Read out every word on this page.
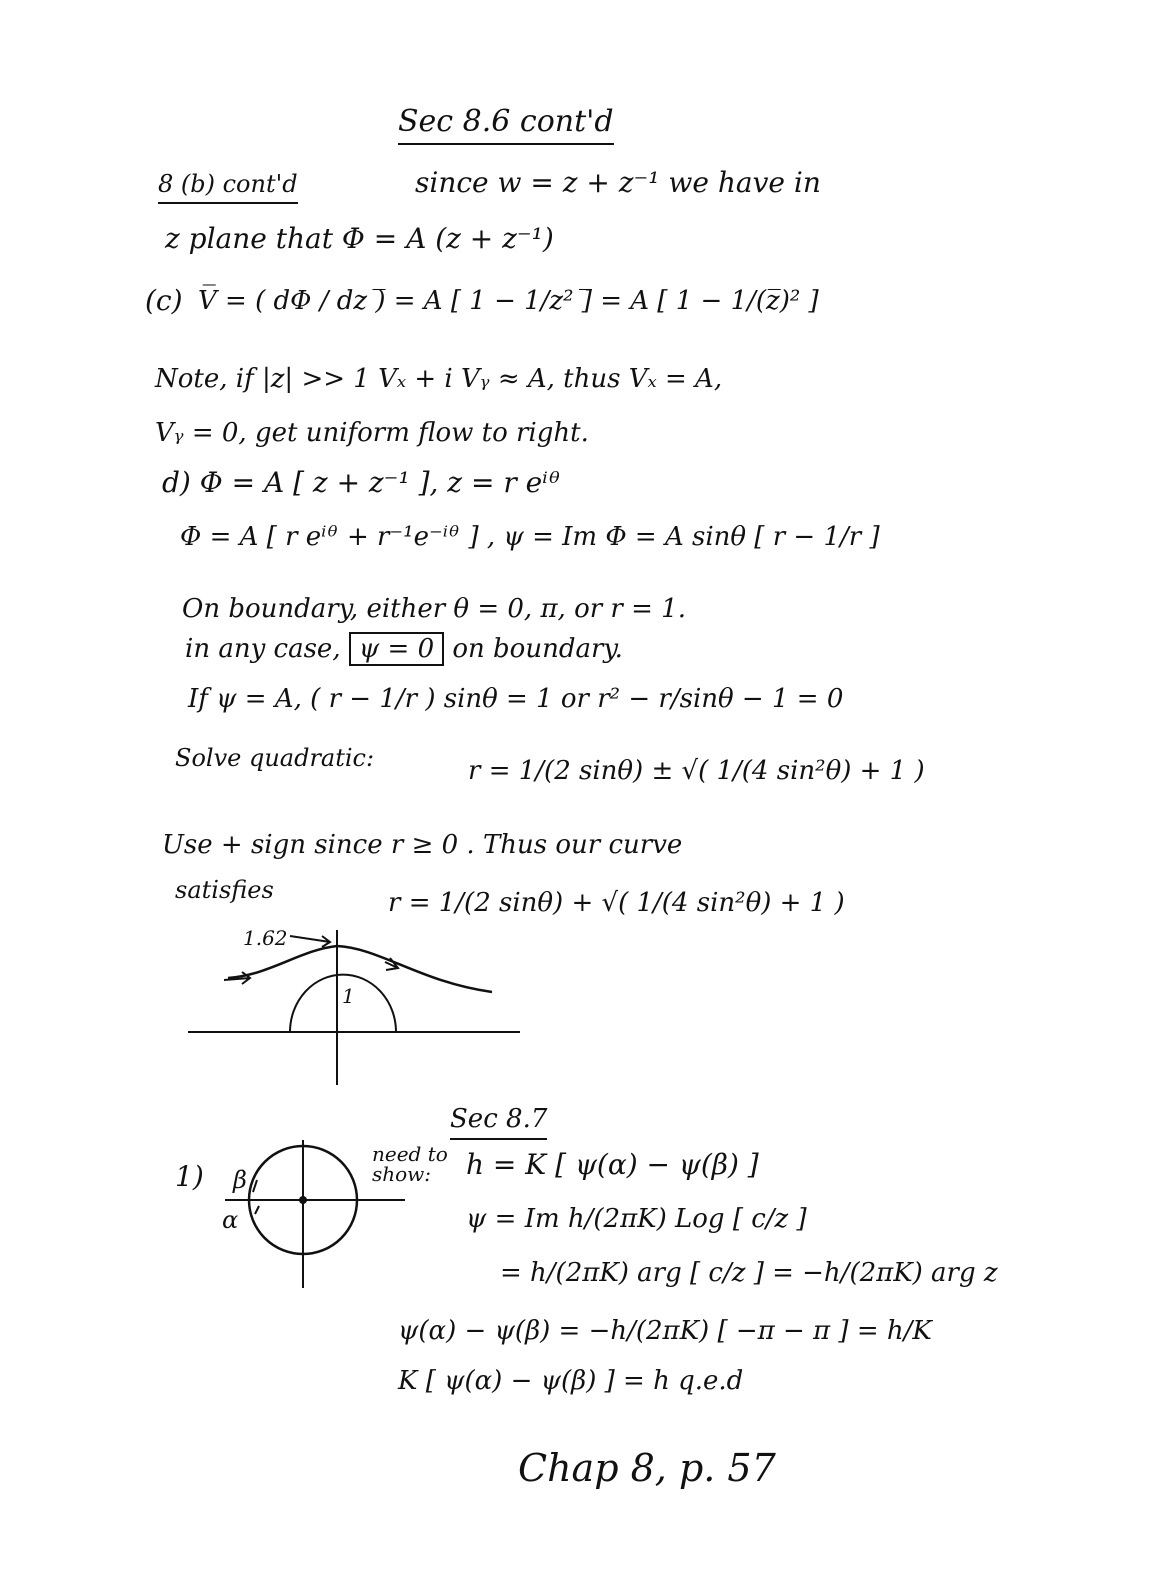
Sec 8.6 cont'd
8 (b) cont'd	since w = z + z⁻¹ we have in
z plane that Φ = A (z + z⁻¹)
(c) V̅ = ( dΦ / dz )̅ = A [ 1 − 1/z² ]̅ = A [ 1 − 1/(z̅)² ]
Note, if |z| >> 1 Vₓ + i Vᵧ ≈ A, thus Vₓ = A,
Vᵧ = 0, get uniform flow to right.
d) Φ = A [ z + z⁻¹ ], z = r eⁱᶿ
Φ = A [ r eⁱᶿ + r⁻¹e⁻ⁱᶿ ] , ψ = Im Φ = A sinθ [ r − 1/r ]
On boundary, either θ = 0, π, or r = 1.
in any case, ψ = 0 on boundary.
If ψ = A, ( r − 1/r ) sinθ = 1 or r² − r/sinθ − 1 = 0
Solve quadratic:	r = 1/(2 sinθ) ± √( 1/(4 sin²θ) + 1 )
Use + sign since r ≥ 0 . Thus our curve
satisfies	r = 1/(2 sinθ) + √( 1/(4 sin²θ) + 1 )
1.62
1
Sec 8.7
1) β
α
need to show:	h = K [ ψ(α) − ψ(β) ]
ψ = Im h/(2πK) Log [ c/z ]
= h/(2πK) arg [ c/z ] = −h/(2πK) arg z
ψ(α) − ψ(β) = −h/(2πK) [ −π − π ] = h/K
K [ ψ(α) − ψ(β) ] = h q.e.d
Chap 8, p. 57
